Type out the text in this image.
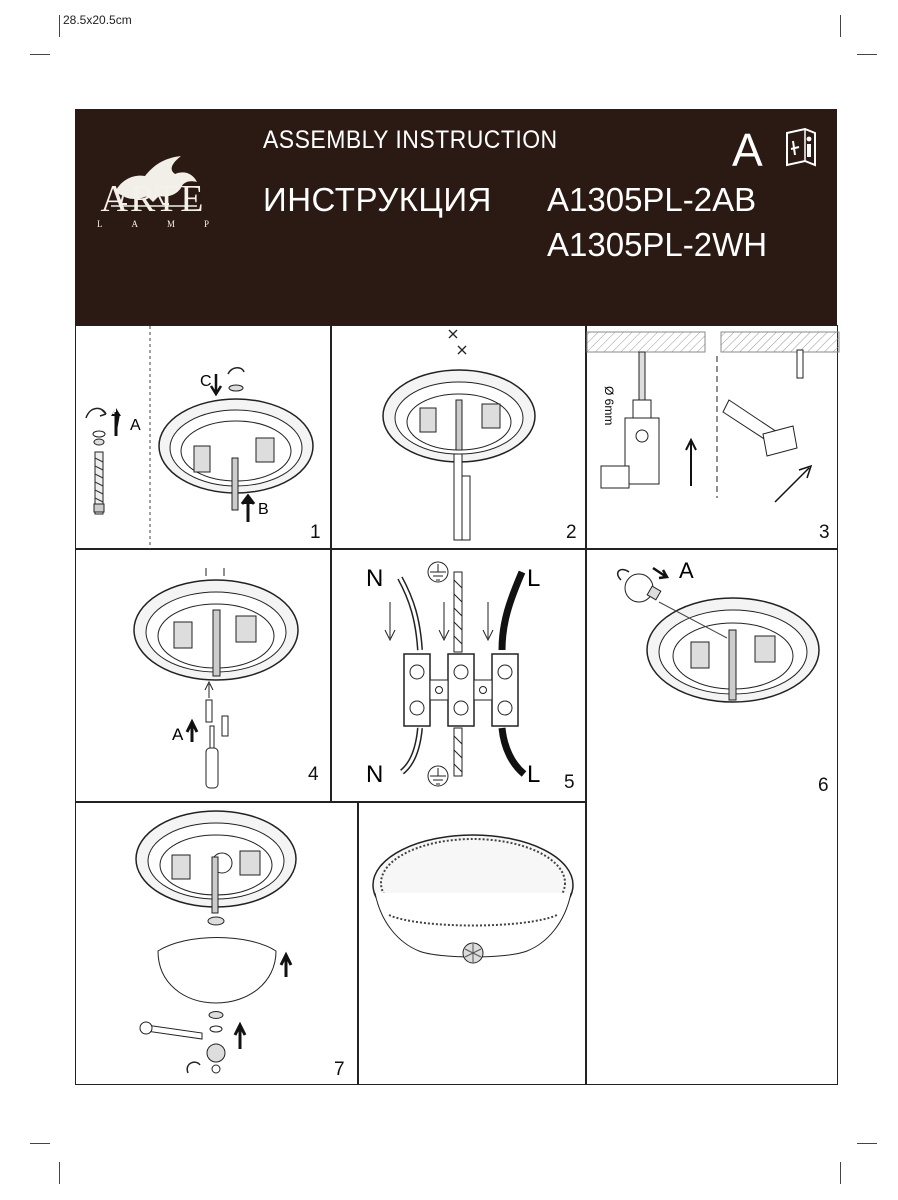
28.5x20.5cm
ARTE
L	A	M	P
ASSEMBLY INSTRUCTION
ИНСТРУКЦИЯ A1305PL-2AB
A1305PL-2WH
A
B
C
A
1	2
Ø 6mm
3
A
4
N	L
N	L 5
A
6
7
